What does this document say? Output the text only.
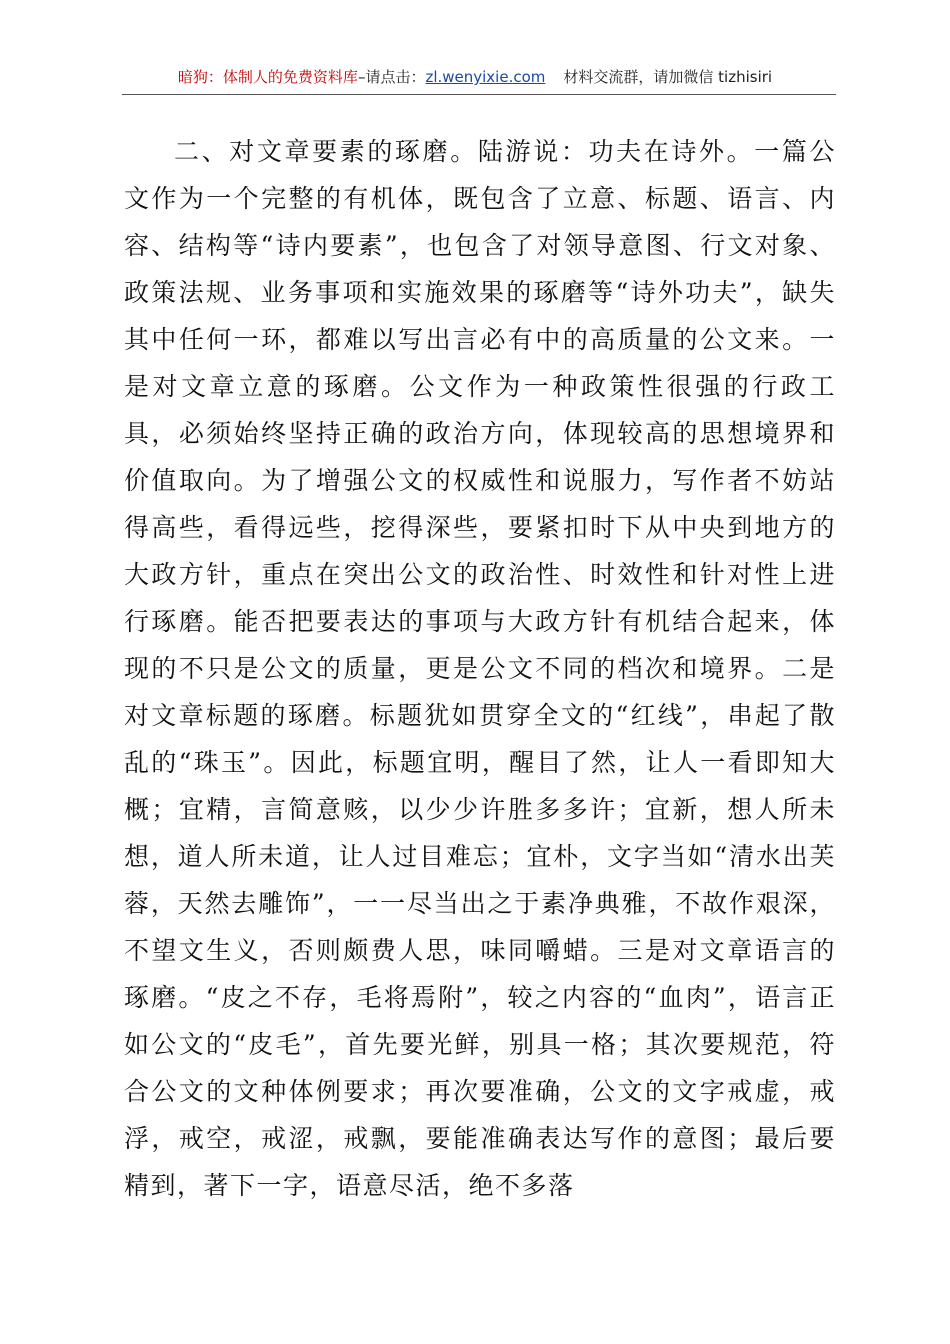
暗狗：体制人的免费资料库–请点击：zl.wenyixie.com 材料交流群，请加微信 tizhisiri

二、对文章要素的琢磨。陆游说：功夫在诗外。一篇公文作为一个完整的有机体，既包含了立意、标题、语言、内容、结构等“诗内要素”，也包含了对领导意图、行文对象、政策法规、业务事项和实施效果的琢磨等“诗外功夫”，缺失其中任何一环，都难以写出言必有中的高质量的公文来。一是对文章立意的琢磨。公文作为一种政策性很强的行政工具，必须始终坚持正确的政治方向，体现较高的思想境界和价值取向。为了增强公文的权威性和说服力，写作者不妨站得高些，看得远些，挖得深些，要紧扣时下从中央到地方的大政方针，重点在突出公文的政治性、时效性和针对性上进行琢磨。能否把要表达的事项与大政方针有机结合起来，体现的不只是公文的质量，更是公文不同的档次和境界。二是对文章标题的琢磨。标题犹如贯穿全文的“红线”，串起了散乱的“珠玉”。因此，标题宜明，醒目了然，让人一看即知大概；宜精，言简意赅，以少少许胜多多许；宜新，想人所未想，道人所未道，让人过目难忘；宜朴，文字当如“清水出芙蓉，天然去雕饰”，一一尽当出之于素净典雅，不故作艰深，不望文生义，否则颇费人思，味同嚼蜡。三是对文章语言的琢磨。“皮之不存，毛将焉附”，较之内容的“血肉”，语言正如公文的“皮毛”，首先要光鲜，别具一格；其次要规范，符合公文的文种体例要求；再次要准确，公文的文字戒虚，戒浮，戒空，戒涩，戒飘，要能准确表达写作的意图；最后要精到，著下一字，语意尽活，绝不多落
